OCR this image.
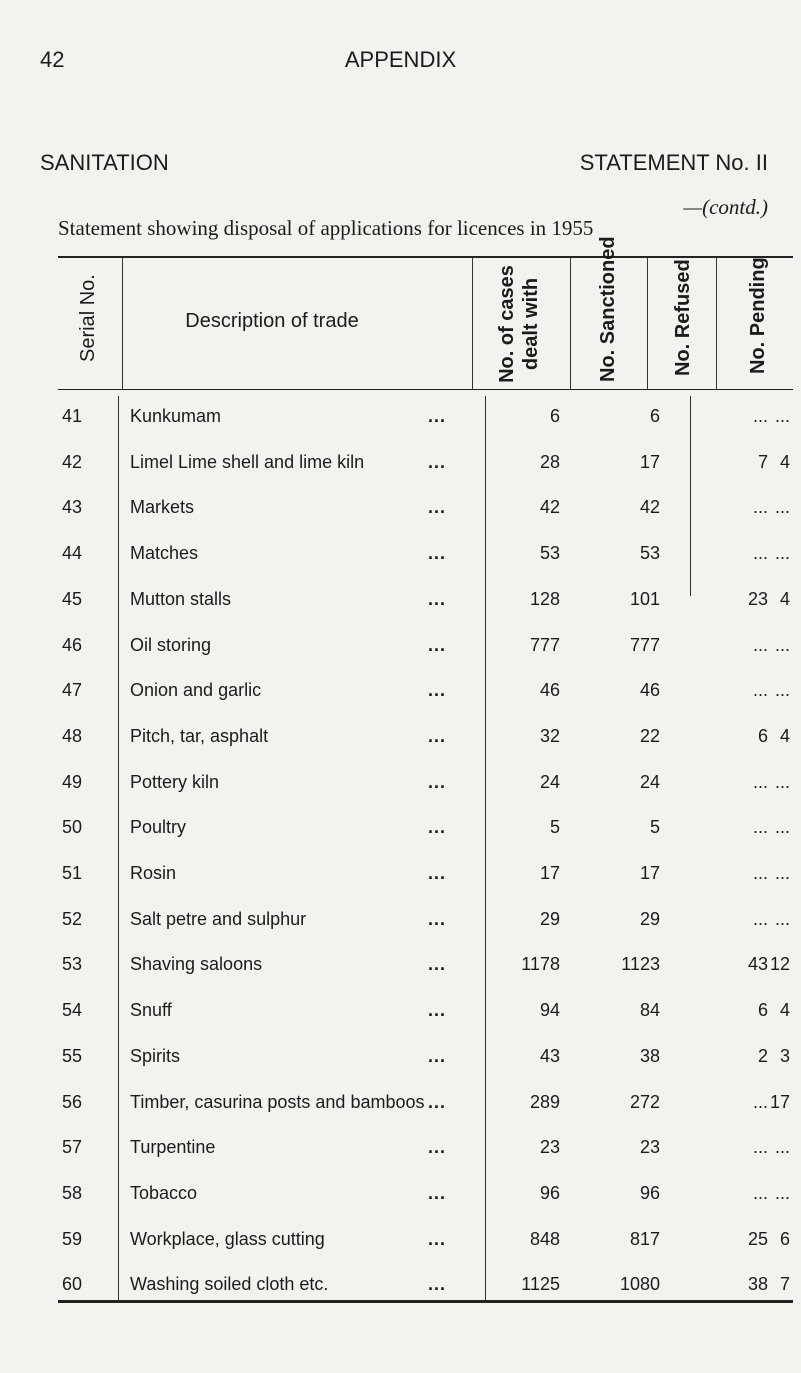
42	APPENDIX
SANITATION	STATEMENT No. II
—(contd.)
Statement showing disposal of applications for licences in 1955
Serial No.	Description of trade	No. of cases dealt with	No. Sanctioned	No. Refused	No. Pending
41	Kunkumam	...	6	6	... ...
42	Limel Lime shell and lime kiln	...	28	17	7 4
43	Markets	...	42	42	... ...
44	Matches	...	53	53	... ...
45	Mutton stalls	...	128	101	23 4
46	Oil storing	...	777	777	... ...
47	Onion and garlic	...	46	46	... ...
48	Pitch, tar, asphalt	...	32	22	6 4
49	Pottery kiln	...	24	24	... ...
50	Poultry	...	5	5	... ...
51	Rosin	...	17	17	... ...
52	Salt petre and sulphur	...	29	29	... ...
53	Shaving saloons	...	1178	1123	43 12
54	Snuff	...	94	84	6 4
55	Spirits	...	43	38	2 3
56	Timber, casurina posts and bamboos ...	289	272	... 17
57	Turpentine	...	23	23	... ...
58	Tobacco	...	96	96	... ...
59	Workplace, glass cutting	...	848	817	25 6
60	Washing soiled cloth etc.	...	1125	1080	38 7
